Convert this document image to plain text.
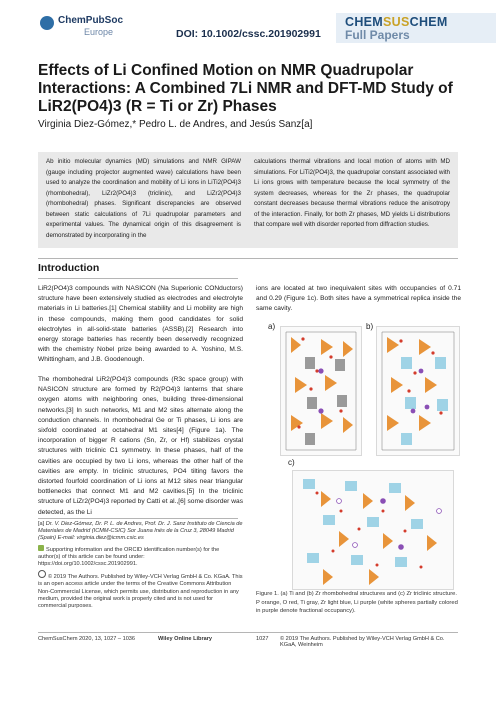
ChemPubSoc
Europe	DOI: 10.1002/cssc.201902991
CHEMSUSCHEM
Full Papers
Effects of Li Confined Motion on NMR Quadrupolar Interactions: A Combined 7Li NMR and DFT-MD Study of LiR2(PO4)3 (R = Ti or Zr) Phases
Virginia Diez-Gómez,* Pedro L. de Andres, and Jesús Sanz[a]
Ab initio molecular dynamics (MD) simulations and NMR GIPAW (gauge including projector augmented wave) calculations have been used to analyze the coordination and mobility of Li ions in LiTi2(PO4)3 (rhombohedral), LiZr2(PO4)3 (triclinic), and LiZr2(PO4)3 (rhombohedral) phases. Significant discrepancies are observed between static calculations of 7Li quadrupolar parameters and experimental values. The dynamical origin of this disagreement is demonstrated by incorporating in the
calculations thermal vibrations and local motion of atoms with MD simulations. For LiTi2(PO4)3, the quadrupolar constant associated with Li ions grows with temperature because the local symmetry of the system decreases, whereas for the Zr phases, the quadrupolar constant decreases because thermal vibrations reduce the anisotropy of the interaction. Finally, for both Zr phases, MD yields Li distributions that compare well with disorder reported from diffraction studies.
Introduction
LiR2(PO4)3 compounds with NASICON (Na Superionic CONductors) structure have been extensively studied as electrodes and electrolyte materials in Li batteries.[1] Chemical stability and Li mobility are high in these compounds, making them good candidates for solid electrolytes in all-solid-state batteries (ASSB).[2] Research into energy storage batteries has recently been deservedly recognized with the chemistry Nobel prize being awarded to A. Yoshino, M.S. Whittingham, and J.B. Goodenough.
The rhombohedral LiR2(PO4)3 compounds (R3c space group) with NASICON structure are formed by R2(PO4)3 lanterns that share oxygen atoms with neighboring ones, building three-dimensional networks.[3] In such networks, M1 and M2 sites alternate along the conduction channels. In rhombohedral Ge or Ti phases, Li ions are sixfold coordinated at octahedral M1 sites[4] (Figure 1a). The incorporation of bigger R cations (Sn, Zr, or Hf) stabilizes crystal structures with triclinic C1 symmetry. In these phases, half of the cavities are occupied by two Li ions, whereas the other half of the cavities are empty. In triclinic structures, PO4 tilting favors the distorted fourfold coordination of Li ions at M12 sites near triangular bottlenecks that connect M1 and M2 cavities.[5] In the triclinic structure of LiZr2(PO4)3 reported by Catti et al.,[6] some disorder was detected, as the Li
ions are located at two inequivalent sites with occupancies of 0.71 and 0.29 (Figure 1c). Both sites have a symmetrical replica inside the same cavity.
a)	b)
c)
Figure 1. (a) Ti and (b) Zr rhombohedral structures and (c) Zr triclinic structure. P orange, O red, Ti gray, Zr light blue, Li purple (white spheres partially colored in purple denote fractional occupancy).
[a] Dr. V. Diez-Gómez, Dr. P. L. de Andres, Prof. Dr. J. Sanz Instituto de Ciencia de Materiales de Madrid (ICMM-CSIC) Sor Juana Inés de la Cruz 3, 28049 Madrid (Spain) E-mail: virginia.diez@icmm.csic.es
Supporting information and the ORCID identification number(s) for the author(s) of this article can be found under: https://doi.org/10.1002/cssc.201902991.
© 2019 The Authors. Published by Wiley-VCH Verlag GmbH & Co. KGaA. This is an open access article under the terms of the Creative Commons Attribution Non-Commercial License, which permits use, distribution and reproduction in any medium, provided the original work is properly cited and is not used for commercial purposes.
ChemSusChem 2020, 13, 1027 – 1036	Wiley Online Library	1027 © 2019 The Authors. Published by Wiley-VCH Verlag GmbH & Co. KGaA, Weinheim
